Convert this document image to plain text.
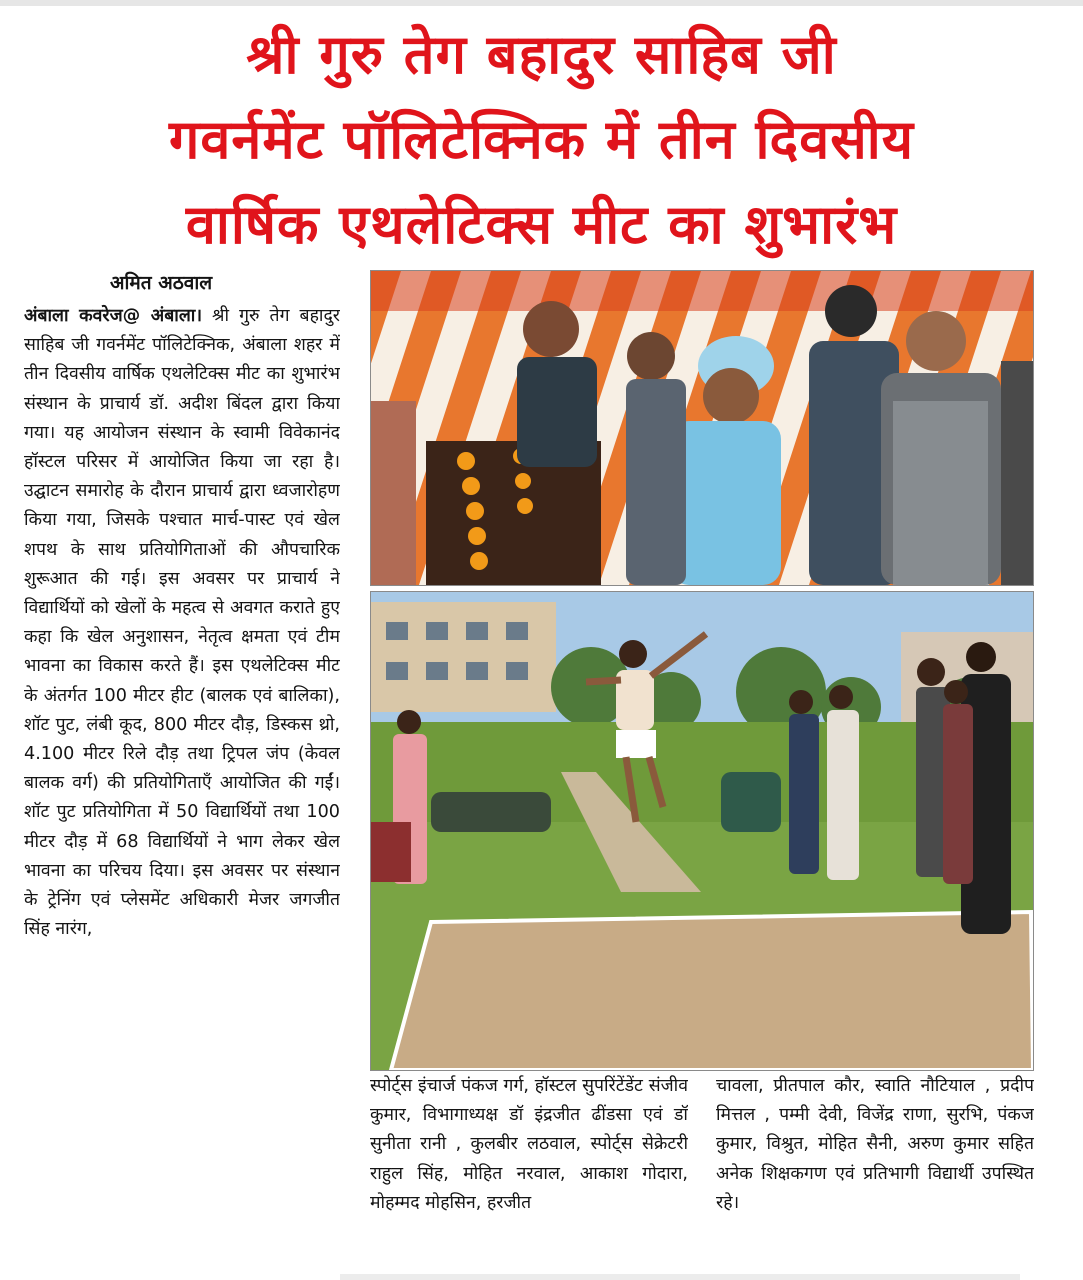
श्री गुरु तेग बहादुर साहिब जी
गवर्नमेंट पॉलिटेक्निक में तीन दिवसीय
वार्षिक एथलेटिक्स मीट का शुभारंभ
अमित अठवाल

अंबाला कवरेज@ अंबाला। श्री गुरु तेग बहादुर साहिब जी गवर्नमेंट पॉलिटेक्निक, अंबाला शहर में तीन दिवसीय वार्षिक एथलेटिक्स मीट का शुभारंभ संस्थान के प्राचार्य डॉ. अदीश बिंदल द्वारा किया गया। यह आयोजन संस्थान के स्वामी विवेकानंद हॉस्टल परिसर में आयोजित किया जा रहा है। उद्घाटन समारोह के दौरान प्राचार्य द्वारा ध्वजारोहण किया गया, जिसके पश्चात मार्च-पास्ट एवं खेल शपथ के साथ प्रतियोगिताओं की औपचारिक शुरूआत की गई। इस अवसर पर प्राचार्य ने विद्यार्थियों को खेलों के महत्व से अवगत कराते हुए कहा कि खेल अनुशासन, नेतृत्व क्षमता एवं टीम भावना का विकास करते हैं। इस एथलेटिक्स मीट के अंतर्गत 100 मीटर हीट (बालक एवं बालिका), शॉट पुट, लंबी कूद, 800 मीटर दौड़, डिस्कस थ्रो, 4.100 मीटर रिले दौड़ तथा ट्रिपल जंप (केवल बालक वर्ग) की प्रतियोगिताएँ आयोजित की गईं। शॉट पुट प्रतियोगिता में 50 विद्यार्थियों तथा 100 मीटर दौड़ में 68 विद्यार्थियों ने भाग लेकर खेल भावना का परिचय दिया। इस अवसर पर संस्थान के ट्रेनिंग एवं प्लेसमेंट अधिकारी मेजर जगजीत सिंह नारंग,

स्पोर्ट्स इंचार्ज पंकज गर्ग, हॉस्टल सुपरिंटेंडेंट संजीव कुमार, विभागाध्यक्ष डॉ इंद्रजीत ढींडसा एवं डॉ सुनीता रानी , कुलबीर लठवाल, स्पोर्ट्स सेक्रेटरी राहुल सिंह, मोहित नरवाल, आकाश गोदारा, मोहम्मद मोहसिन, हरजीत

चावला, प्रीतपाल कौर, स्वाति नौटियाल , प्रदीप मित्तल , पम्मी देवी, विजेंद्र राणा, सुरभि, पंकज कुमार, विश्रुत, मोहित सैनी, अरुण कुमार सहित अनेक शिक्षकगण एवं प्रतिभागी विद्यार्थी उपस्थित रहे।
